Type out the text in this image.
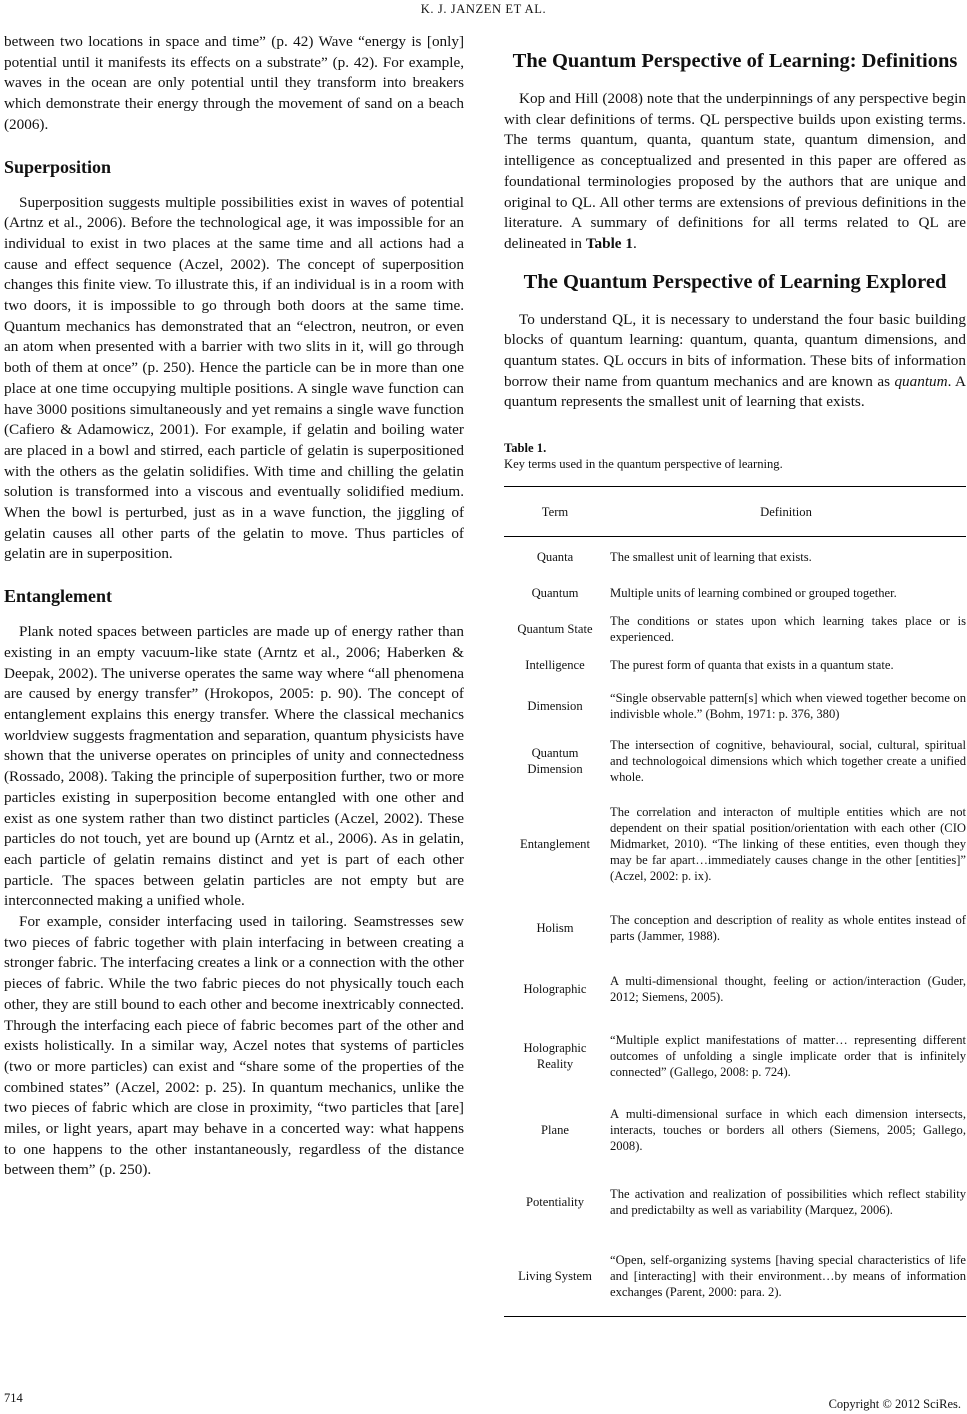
K. J. JANZEN ET AL.

between two locations in space and time” (p. 42) Wave “energy is [only] potential until it manifests its effects on a substrate” (p. 42). For example, waves in the ocean are only potential until they transform into breakers which demonstrate their energy through the movement of sand on a beach (2006).

Superposition

Superposition suggests multiple possibilities exist in waves of potential (Artnz et al., 2006). Before the technological age, it was impossible for an individual to exist in two places at the same time and all actions had a cause and effect sequence (Aczel, 2002). The concept of superposition changes this finite view. To illustrate this, if an individual is in a room with two doors, it is impossible to go through both doors at the same time. Quantum mechanics has demonstrated that an “electron, neutron, or even an atom when presented with a barrier with two slits in it, will go through both of them at once” (p. 250). Hence the particle can be in more than one place at one time occupying multiple positions. A single wave function can have 3000 positions simultaneously and yet remains a single wave function (Cafiero & Adamowicz, 2001). For example, if gelatin and boiling water are placed in a bowl and stirred, each particle of gelatin is superpositioned with the others as the gelatin solidifies. With time and chilling the gelatin solution is transformed into a viscous and eventually solidified medium. When the bowl is perturbed, just as in a wave function, the jiggling of gelatin causes all other parts of the gelatin to move. Thus particles of gelatin are in superposition.

Entanglement

Plank noted spaces between particles are made up of energy rather than existing in an empty vacuum-like state (Arntz et al., 2006; Haberken & Deepak, 2002). The universe operates the same way where “all phenomena are caused by energy transfer” (Hrokopos, 2005: p. 90). The concept of entanglement explains this energy transfer. Where the classical mechanics worldview suggests fragmentation and separation, quantum physicists have shown that the universe operates on principles of unity and connectedness (Rossado, 2008). Taking the principle of superposition further, two or more particles existing in superposition become entangled with one other and exist as one system rather than two distinct particles (Aczel, 2002). These particles do not touch, yet are bound up (Arntz et al., 2006). As in gelatin, each particle of gelatin remains distinct and yet is part of each other particle. The spaces between gelatin particles are not empty but are interconnected making a unified whole.

For example, consider interfacing used in tailoring. Seamstresses sew two pieces of fabric together with plain interfacing in between creating a stronger fabric. The interfacing creates a link or a connection with the other pieces of fabric. While the two fabric pieces do not physically touch each other, they are still bound to each other and become inextricably connected. Through the interfacing each piece of fabric becomes part of the other and exists holistically. In a similar way, Aczel notes that systems of particles (two or more particles) can exist and “share some of the properties of the combined states” (Aczel, 2002: p. 25). In quantum mechanics, unlike the two pieces of fabric which are close in proximity, “two particles that [are] miles, or light years, apart may behave in a concerted way: what happens to one happens to the other instantaneously, regardless of the distance between them” (p. 250).

The Quantum Perspective of Learning: Definitions

Kop and Hill (2008) note that the underpinnings of any perspective begin with clear definitions of terms. QL perspective builds upon existing terms. The terms quantum, quanta, quantum state, quantum dimension, and intelligence as conceptualized and presented in this paper are offered as foundational terminologies proposed by the authors that are unique and original to QL. All other terms are extensions of previous definitions in the literature. A summary of definitions for all terms related to QL are delineated in Table 1.

The Quantum Perspective of Learning Explored

To understand QL, it is necessary to understand the four basic building blocks of quantum learning: quantum, quanta, quantum dimensions, and quantum states. QL occurs in bits of information. These bits of information borrow their name from quantum mechanics and are known as quantum. A quantum represents the smallest unit of learning that exists.

Table 1.
Key terms used in the quantum perspective of learning.
Term	Definition
Quanta	The smallest unit of learning that exists.
Quantum	Multiple units of learning combined or grouped together.
Quantum State	The conditions or states upon which learning takes place or is experienced.
Intelligence	The purest form of quanta that exists in a quantum state.
Dimension	“Single observable pattern[s] which when viewed together become on indivisble whole.” (Bohm, 1971: p. 376, 380)
Quantum Dimension	The intersection of cognitive, behavioural, social, cultural, spiritual and technologoical dimensions which which together create a unified whole.
Entanglement	The correlation and interacton of multiple entities which are not dependent on their spatial position/orientation with each other (CIO Midmarket, 2010). “The linking of these entities, even though they may be far apart…immediately causes change in the other [entities]” (Aczel, 2002: p. ix).
Holism	The conception and description of reality as whole entites instead of parts (Jammer, 1988).
Holographic	A multi-dimensional thought, feeling or action/interaction (Guder, 2012; Siemens, 2005).
Holographic Reality	“Multiple explict manifestations of matter… representing different outcomes of unfolding a single implicate order that is infinitely connected” (Gallego, 2008: p. 724).
Plane	A multi-dimensional surface in which each dimension intersects, interacts, touches or borders all others (Siemens, 2005; Gallego, 2008).
Potentiality	The activation and realization of possibilities which reflect stability and predictabilty as well as variability (Marquez, 2006).
Living System	“Open, self-organizing systems [having special characteristics of life and [interacting] with their environment…by means of information exchanges (Parent, 2000: para. 2).
714	Copyright © 2012 SciRes.
